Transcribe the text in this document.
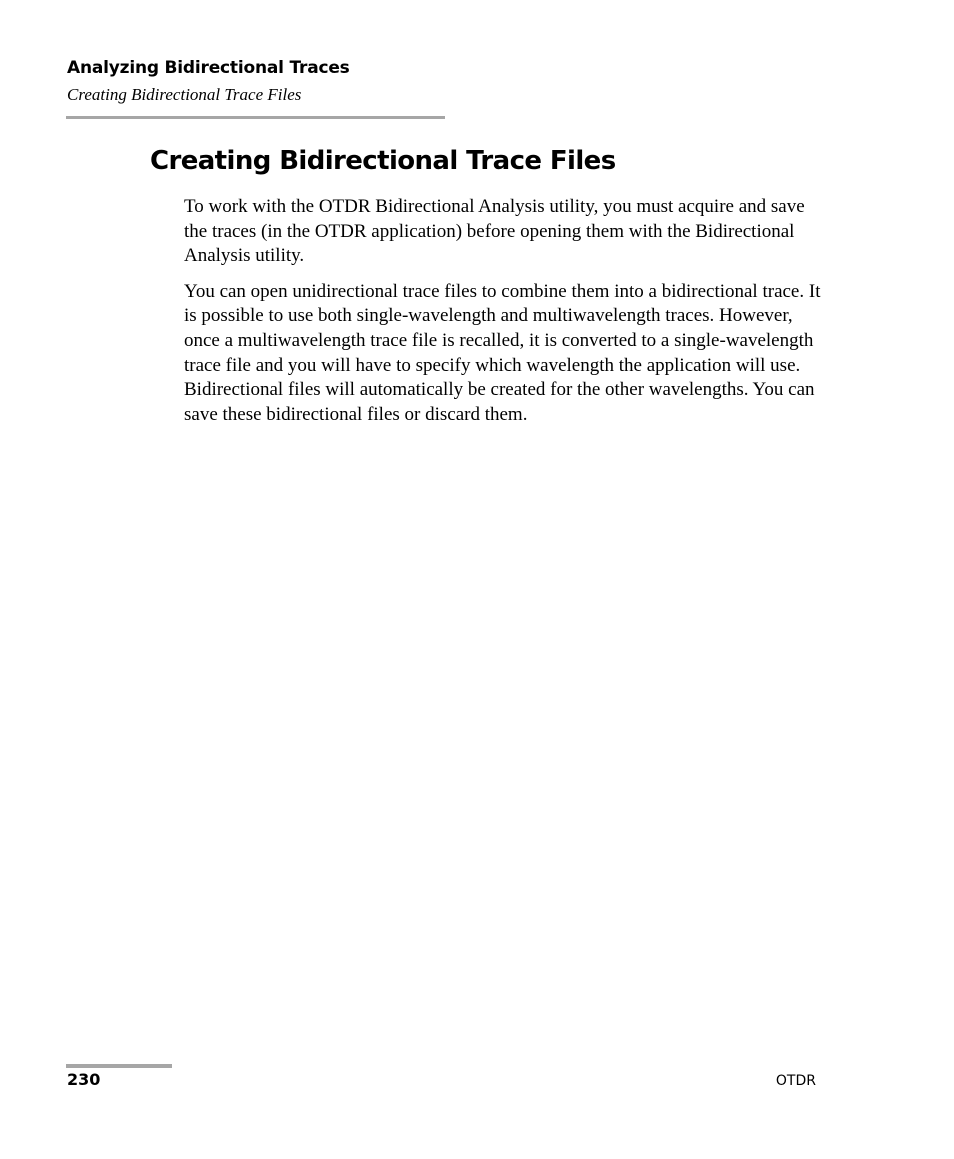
Analyzing Bidirectional Traces
Creating Bidirectional Trace Files
Creating Bidirectional Trace Files

To work with the OTDR Bidirectional Analysis utility, you must acquire and save the traces (in the OTDR application) before opening them with the Bidirectional Analysis utility.

You can open unidirectional trace files to combine them into a bidirectional trace. It is possible to use both single-wavelength and multiwavelength traces. However, once a multiwavelength trace file is recalled, it is converted to a single-wavelength trace file and you will have to specify which wavelength the application will use. Bidirectional files will automatically be created for the other wavelengths. You can save these bidirectional files or discard them.

230	OTDR
